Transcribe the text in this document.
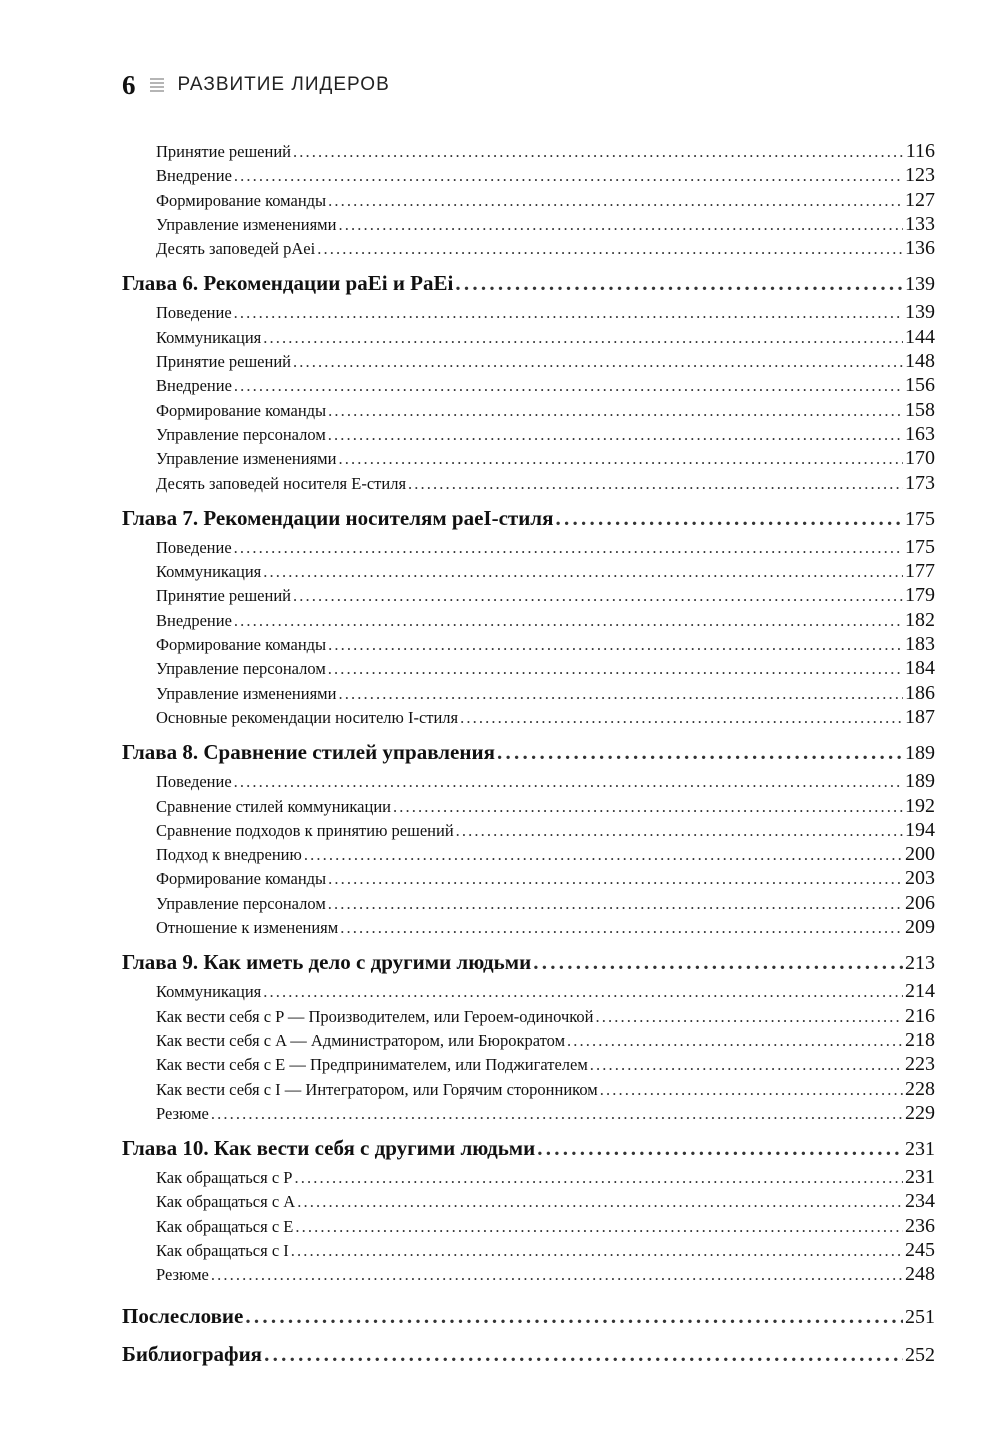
6 РАЗВИТИЕ ЛИДЕРОВ
Принятие решений . . .	116
Внедрение . . .	123
Формирование команды . . .	127
Управление изменениями . . .	133
Десять заповедей pAei . . .	136
Глава 6. Рекомендации paEi и PaEi . . .	139
Поведение . . .	139
Коммуникация . . .	144
Принятие решений . . .	148
Внедрение . . .	156
Формирование команды . . .	158
Управление персоналом . . .	163
Управление изменениями . . .	170
Десять заповедей носителя E-стиля . . .	173
Глава 7. Рекомендации носителям paeI-стиля . . .	175
Поведение . . .	175
Коммуникация . . .	177
Принятие решений . . .	179
Внедрение . . .	182
Формирование команды . . .	183
Управление персоналом . . .	184
Управление изменениями . . .	186
Основные рекомендации носителю I-стиля . . .	187
Глава 8. Сравнение стилей управления . . .	189
Поведение . . .	189
Сравнение стилей коммуникации . . .	192
Сравнение подходов к принятию решений . . .	194
Подход к внедрению . . .	200
Формирование команды . . .	203
Управление персоналом . . .	206
Отношение к изменениям . . .	209
Глава 9. Как иметь дело с другими людьми . . .	213
Коммуникация . . .	214
Как вести себя с P — Производителем, или Героем-одиночкой . . .	216
Как вести себя с A — Администратором, или Бюрократом . . .	218
Как вести себя с E — Предпринимателем, или Поджигателем . . .	223
Как вести себя с I — Интегратором, или Горячим сторонником . . .	228
Резюме . . .	229
Глава 10. Как вести себя с другими людьми . . .	231
Как обращаться с P . . .	231
Как обращаться с A . . .	234
Как обращаться с E . . .	236
Как обращаться с I . . .	245
Резюме . . .	248
Послесловие . . .	251
Библиография . . .	252
